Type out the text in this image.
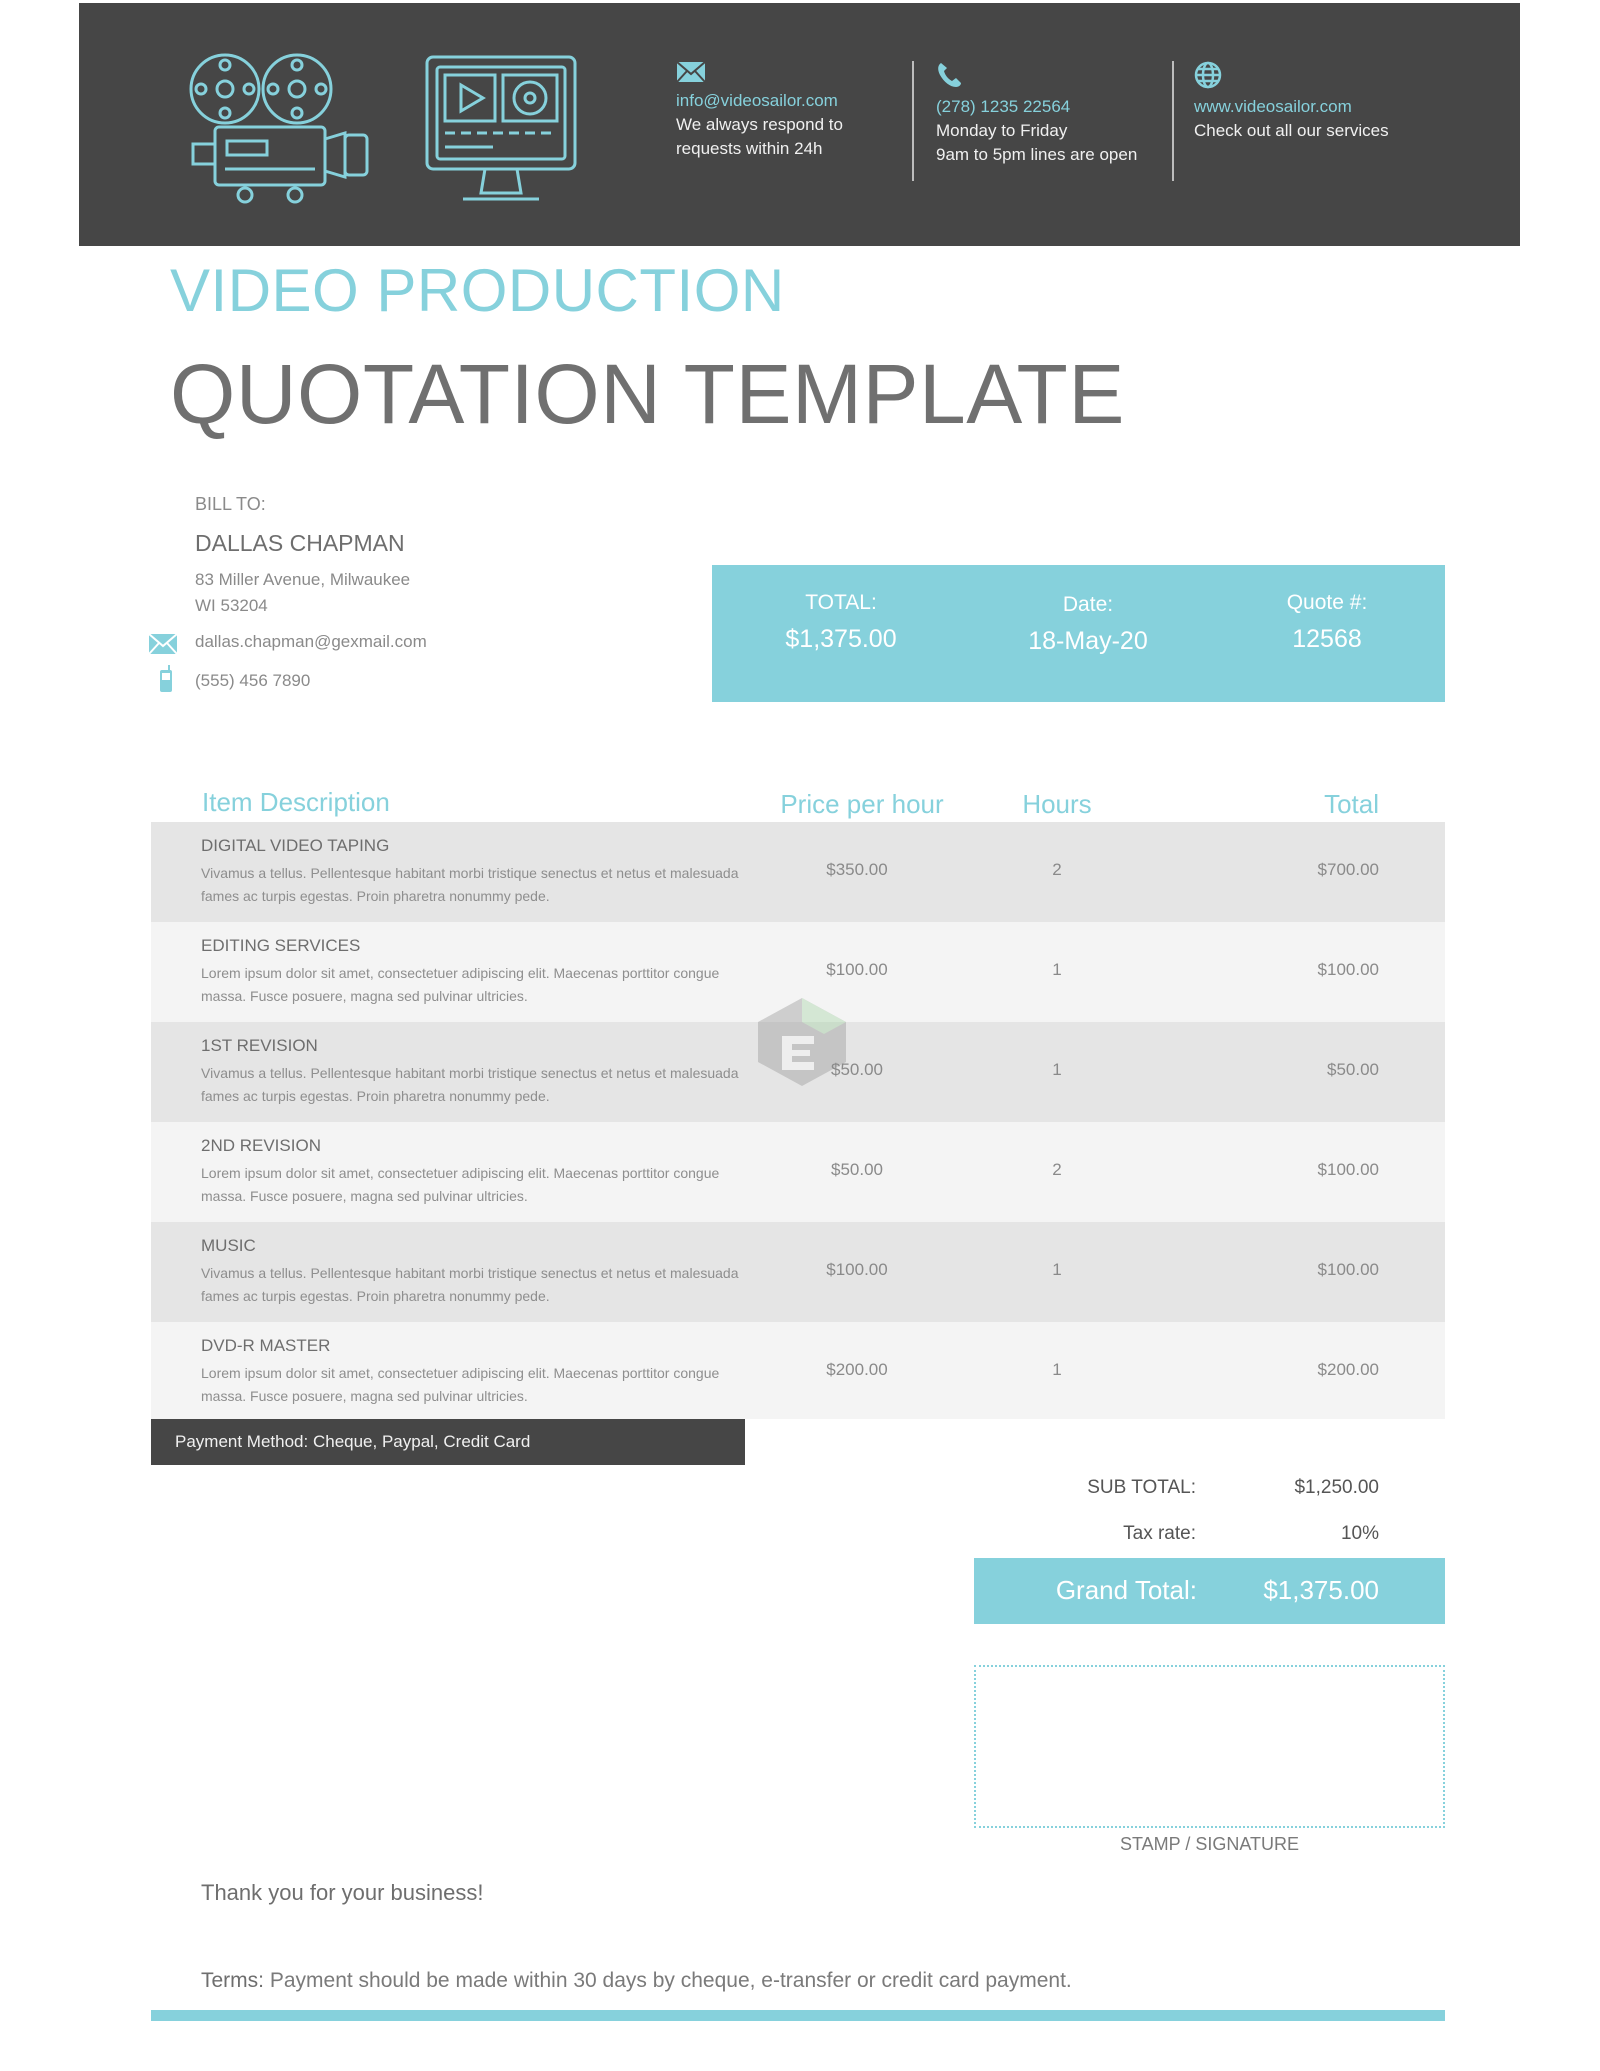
info@videosailor.com
We always respond to
requests within 24h
(278) 1235 22564
Monday to Friday
9am to 5pm lines are open
www.videosailor.com
Check out all our services
VIDEO PRODUCTION
QUOTATION TEMPLATE
BILL TO:
DALLAS CHAPMAN
83 Miller Avenue, Milwaukee
WI 53204
dallas.chapman@gexmail.com
(555) 456 7890
TOTAL:
$1,375.00
Date:
18-May-20
Quote #:
12568
Item Description	Price per hour	Hours	Total
DIGITAL VIDEO TAPING
Vivamus a tellus. Pellentesque habitant morbi tristique senectus et netus et malesuada fames ac turpis egestas. Proin pharetra nonummy pede.
$350.00	2	$700.00
EDITING SERVICES
Lorem ipsum dolor sit amet, consectetuer adipiscing elit. Maecenas porttitor congue massa. Fusce posuere, magna sed pulvinar ultricies.
$100.00	1	$100.00
1ST REVISION
Vivamus a tellus. Pellentesque habitant morbi tristique senectus et netus et malesuada fames ac turpis egestas. Proin pharetra nonummy pede.
$50.00	1	$50.00
2ND REVISION
Lorem ipsum dolor sit amet, consectetuer adipiscing elit. Maecenas porttitor congue massa. Fusce posuere, magna sed pulvinar ultricies.
$50.00	2	$100.00
MUSIC
Vivamus a tellus. Pellentesque habitant morbi tristique senectus et netus et malesuada fames ac turpis egestas. Proin pharetra nonummy pede.
$100.00	1	$100.00
DVD-R MASTER
Lorem ipsum dolor sit amet, consectetuer adipiscing elit. Maecenas porttitor congue massa. Fusce posuere, magna sed pulvinar ultricies.
$200.00	1	$200.00
Payment Method: Cheque, Paypal, Credit Card
SUB TOTAL:	$1,250.00
Tax rate:	10%
Grand Total:	$1,375.00
STAMP / SIGNATURE
Thank you for your business!
Terms: Payment should be made within 30 days by cheque, e-transfer or credit card payment.
